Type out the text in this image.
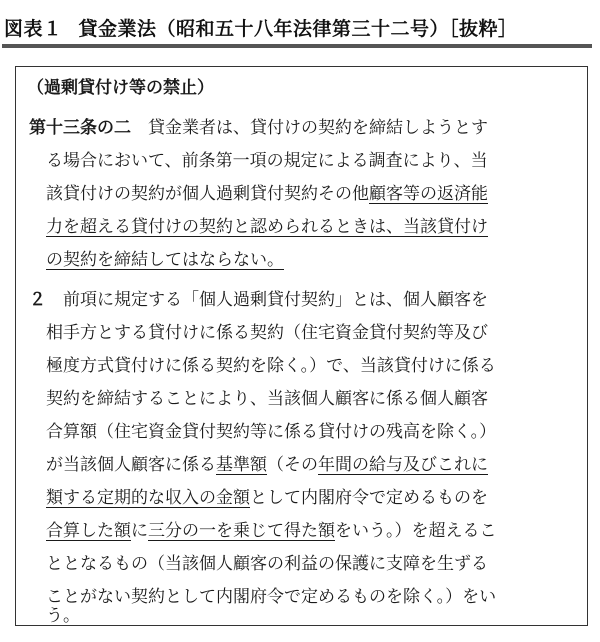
図表１ 貸金業法（昭和五十八年法律第三十二号）［抜粋］
（過剰貸付け等の禁止）
第十三条の二　貸金業者は、貸付けの契約を締結しようとす
る場合において、前条第一項の規定による調査により、当
該貸付けの契約が個人過剰貸付契約その他顧客等の返済能
力を超える貸付けの契約と認められるときは、当該貸付け
の契約を締結してはならない。
２　前項に規定する「個人過剰貸付契約」とは、個人顧客を
相手方とする貸付けに係る契約（住宅資金貸付契約等及び
極度方式貸付けに係る契約を除く。）で、当該貸付けに係る
契約を締結することにより、当該個人顧客に係る個人顧客
合算額（住宅資金貸付契約等に係る貸付けの残高を除く。）
が当該個人顧客に係る基準額（その年間の給与及びこれに
類する定期的な収入の金額として内閣府令で定めるものを
合算した額に三分の一を乗じて得た額をいう。）を超えるこ
ととなるもの（当該個人顧客の利益の保護に支障を生ずる
ことがない契約として内閣府令で定めるものを除く。）をい
う。
